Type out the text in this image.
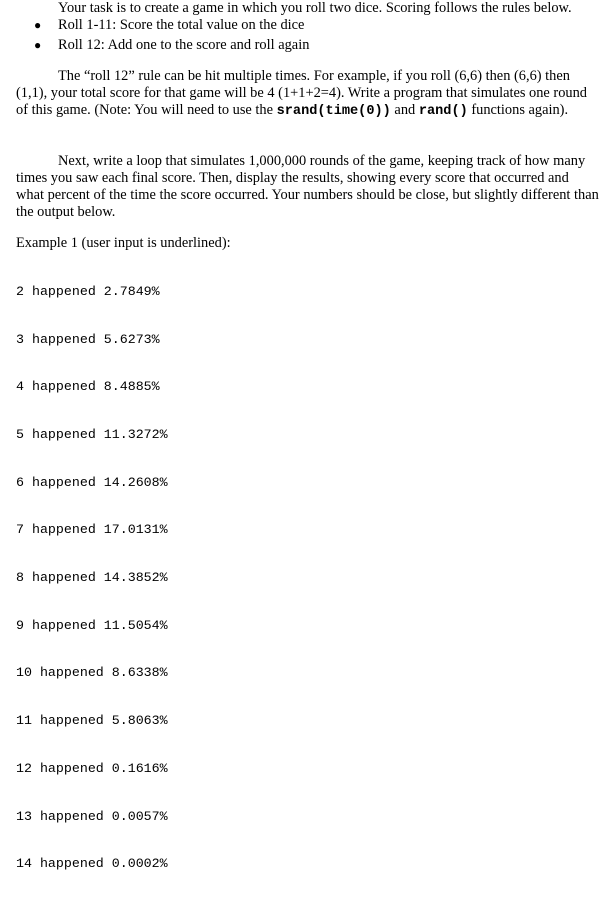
Your task is to create a game in which you roll two dice. Scoring follows the rules below.
● Roll 1-11: Score the total value on the dice
● Roll 12: Add one to the score and roll again
The “roll 12” rule can be hit multiple times. For example, if you roll (6,6) then (6,6) then (1,1), your total score for that game will be 4 (1+1+2=4). Write a program that simulates one round of this game. (Note: You will need to use the srand(time(0)) and rand() functions again).
Next, write a loop that simulates 1,000,000 rounds of the game, keeping track of how many times you saw each final score. Then, display the results, showing every score that occurred and what percent of the time the score occurred. Your numbers should be close, but slightly different than the output below.
Example 1 (user input is underlined):

2 happened 2.7849%

3 happened 5.6273%

4 happened 8.4885%

5 happened 11.3272%

6 happened 14.2608%

7 happened 17.0131%

8 happened 14.3852%

9 happened 11.5054%

10 happened 8.6338%

11 happened 5.8063%

12 happened 0.1616%

13 happened 0.0057%

14 happened 0.0002%
